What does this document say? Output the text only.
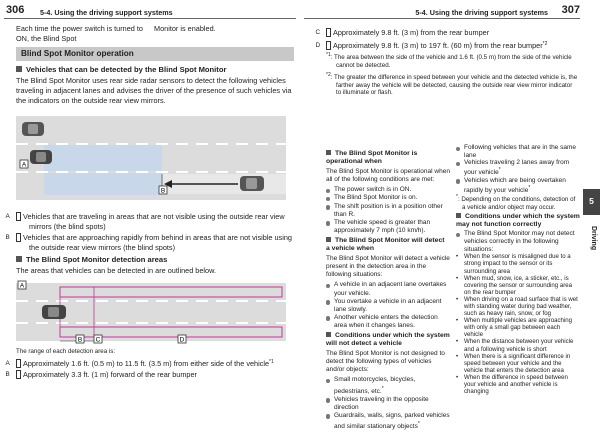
306 5-4. Using the driving support systems	5-4. Using the driving support systems 307
Each time the power switch is turned to ON, the Blind Spot
Monitor is enabled.
Blind Spot Monitor operation
Vehicles that can be detected by the Blind Spot Monitor

The Blind Spot Monitor uses rear side radar sensors to detect the following vehicles traveling in adjacent lanes and advises the driver of the presence of such vehicles via the indicators on the outside rear view mirrors.

A
B

A Vehicles that are traveling in areas that are not visible using the outside rear view mirrors (the blind spots)

B Vehicles that are approaching rapidly from behind in areas that are not visible using the outside rear view mirrors (the blind spots)

The Blind Spot Monitor detection areas

The areas that vehicles can be detected in are outlined below.

A
B C	D

The range of each detection area is:

A Approximately 1.6 ft. (0.5 m) to 11.5 ft. (3.5 m) from either side of the vehicle$^{*1}$

B Approximately 3.3 ft. (1 m) forward of the rear bumper

C Approximately 9.8 ft. (3 m) from the rear bumper

D Approximately 9.8 ft. (3 m) to 197 ft. (60 m) from the rear bumper$^{*2}$

$^{*1}$: The area between the side of the vehicle and 1.6 ft. (0.5 m) from the side of the vehicle cannot be detected.

$^{*2}$: The greater the difference in speed between your vehicle and the detected vehicle is, the farther away the vehicle will be detected, causing the outside rear view mirror indicator to illuminate or flash.

The Blind Spot Monitor is operational when

The Blind Spot Monitor is operational when all of the following conditions are met:

The power switch is in ON.
The Blind Spot Monitor is on.
The shift position is in a position other than R.
The vehicle speed is greater than approximately 7 mph (10 km/h).
The Blind Spot Monitor will detect a vehicle when

The Blind Spot Monitor will detect a vehicle present in the detection area in the following situations:

A vehicle in an adjacent lane overtakes your vehicle.
You overtake a vehicle in an adjacent lane slowly.
Another vehicle enters the detection area when it changes lanes.
Conditions under which the system will not detect a vehicle

The Blind Spot Monitor is not designed to detect the following types of vehicles and/or objects:

Small motorcycles, bicycles, pedestrians, etc.*
Vehicles traveling in the opposite direction
Guardrails, walls, signs, parked vehicles and similar stationary objects*
Following vehicles that are in the same lane
Vehicles traveling 2 lanes away from your vehicle*
Vehicles which are being overtaken rapidly by your vehicle*

*: Depending on the conditions, detection of a vehicle and/or object may occur.

Conditions under which the system may not function correctly
The Blind Spot Monitor may not detect vehicles correctly in the following situations:
• When the sensor is misaligned due to a strong impact to the sensor or its surrounding area
• When mud, snow, ice, a sticker, etc., is covering the sensor or surrounding area on the rear bumper
• When driving on a road surface that is wet with standing water during bad weather, such as heavy rain, snow, or fog
• When multiple vehicles are approaching with only a small gap between each vehicle
• When the distance between your vehicle and a following vehicle is short
• When there is a significant difference in speed between your vehicle and the vehicle that enters the detection area
• When the difference in speed between your vehicle and another vehicle is changing
5
Driving
